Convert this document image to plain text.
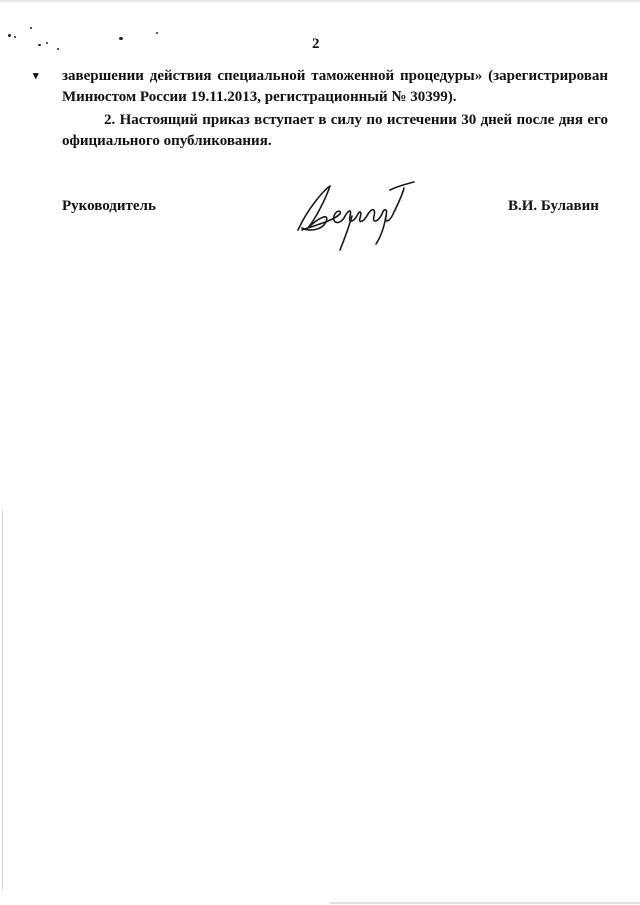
2
▾ завершении действия специальной таможенной процедуры» (зарегистрирован
Минюстом России 19.11.2013, регистрационный № 30399).
2. Настоящий приказ вступает в силу по истечении 30 дней после дня его
официального опубликования.
Руководитель	В.И. Булавин
